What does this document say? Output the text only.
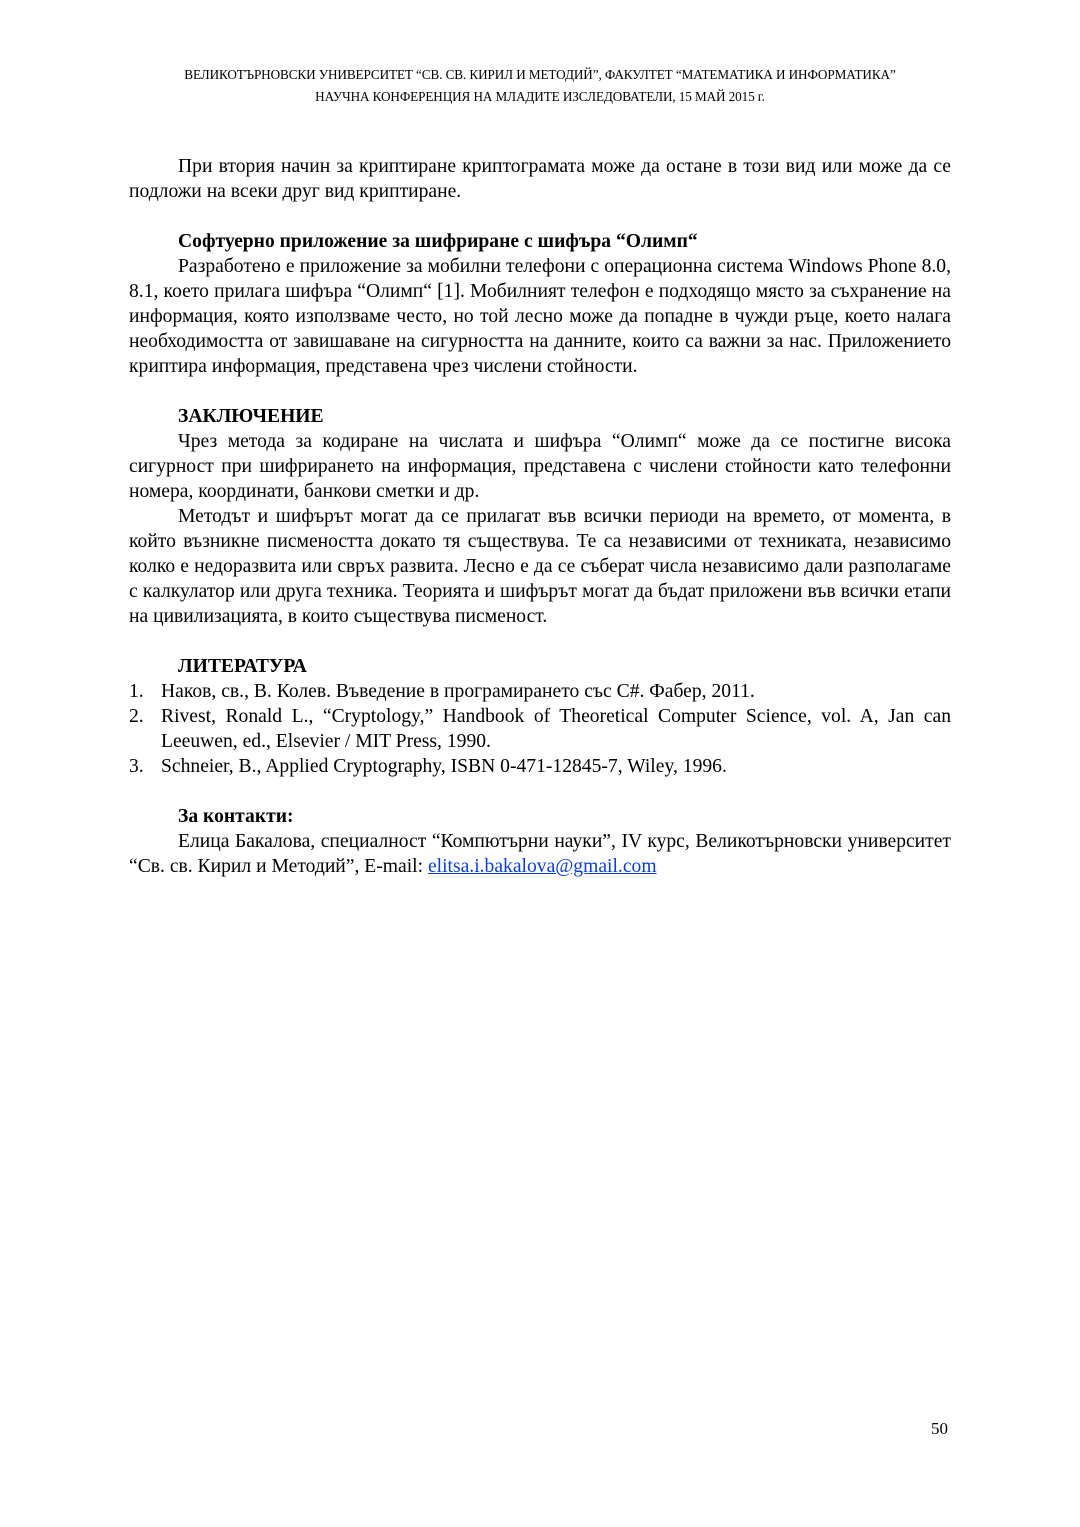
ВЕЛИКОТЪРНОВСКИ УНИВЕРСИТЕТ “СВ. СВ. КИРИЛ И МЕТОДИЙ”, ФАКУЛТЕТ “МАТЕМАТИКА И ИНФОРМАТИКА”
НАУЧНА КОНФЕРЕНЦИЯ НА МЛАДИТЕ ИЗСЛЕДОВАТЕЛИ, 15 МАЙ 2015 г.

При втория начин за криптиране криптограмата може да остане в този вид или може да се подложи на всеки друг вид криптиране.

Софтуерно приложение за шифриране с шифъра “Олимп“

Разработено е приложение за мобилни телефони с операционна система Windows Phone 8.0, 8.1, което прилага шифъра “Олимп“ [1]. Мобилният телефон е подходящо място за съхранение на информация, която използваме често, но той лесно може да попадне в чужди ръце, което налага необходимостта от завишаване на сигурността на данните, които са важни за нас. Приложението криптира информация, представена чрез числени стойности.

ЗАКЛЮЧЕНИЕ

Чрез метода за кодиране на числата и шифъра “Олимп“ може да се постигне висока сигурност при шифрирането на информация, представена с числени стойности като телефонни номера, координати, банкови сметки и др.

Методът и шифърът могат да се прилагат във всички периоди на времето, от момента, в който възникне писмеността докато тя съществува. Те са независими от техниката, независимо колко е недоразвита или свръх развита. Лесно е да се съберат числа независимо дали разполагаме с калкулатор или друга техника. Теорията и шифърът могат да бъдат приложени във всички етапи на цивилизацията, в които съществува писменост.

ЛИТЕРАТУРА
1. Наков, св., В. Колев. Въведение в програмирането със C#. Фабер, 2011.
2. Rivest, Ronald L., “Cryptology,” Handbook of Theoretical Computer Science, vol. A, Jan can Leeuwen, ed., Elsevier / MIT Press, 1990.
3. Schneier, B., Applied Cryptography, ISBN 0-471-12845-7, Wiley, 1996.
За контакти:

Елица Бакалова, специалност “Компютърни науки”, IV курс, Великотърновски университет “Св. св. Кирил и Методий”, E-mail: elitsa.i.bakalova@gmail.com

50
